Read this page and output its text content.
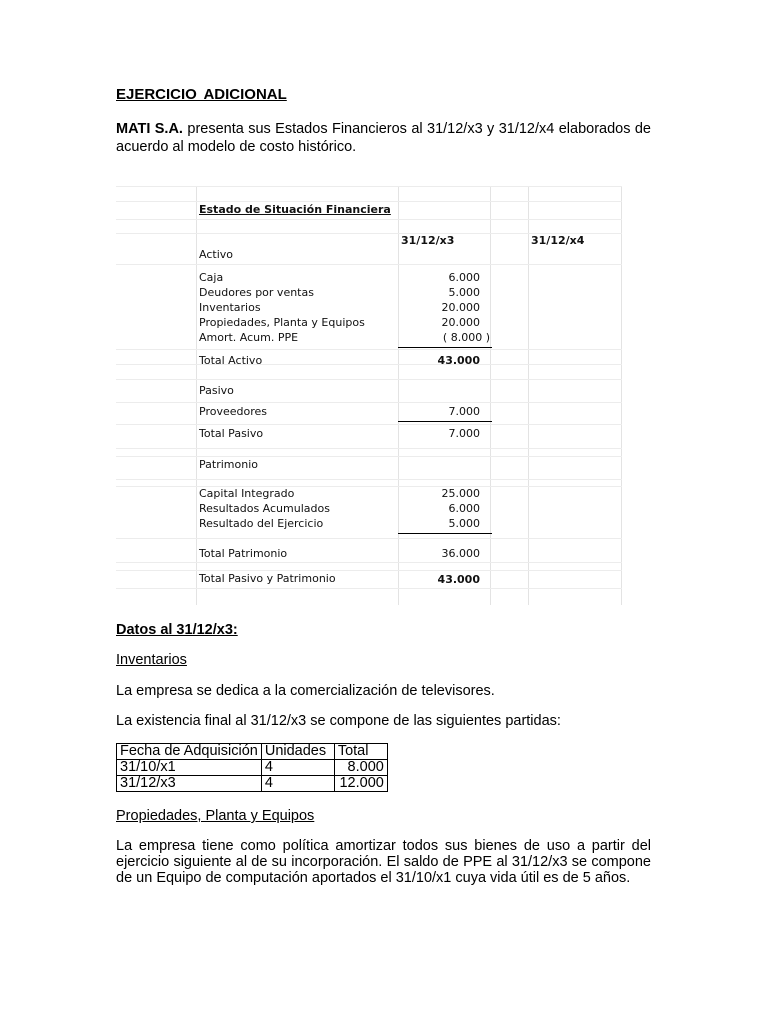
EJERCICIO ADICIONAL
MATI S.A. presenta sus Estados Financieros al 31/12/x3 y 31/12/x4 elaborados de acuerdo al modelo de costo histórico.
Estado de Situación Financiera
31/12/x3	31/12/x4
Activo
Caja	6.000
Deudores por ventas	5.000
Inventarios	20.000
Propiedades, Planta y Equipos	20.000
Amort. Acum. PPE	( 8.000 )
Total Activo	43.000
Pasivo
Proveedores	7.000
Total Pasivo	7.000
Patrimonio
Capital Integrado	25.000
Resultados Acumulados	6.000
Resultado del Ejercicio	5.000
Total Patrimonio	36.000
Total Pasivo y Patrimonio	43.000
Datos al 31/12/x3:
Inventarios
La empresa se dedica a la comercialización de televisores.
La existencia final al 31/12/x3 se compone de las siguientes partidas:
Fecha de Adquisición	Unidades	Total
31/10/x1	4	8.000
31/12/x3	4	12.000
Propiedades, Planta y Equipos
La empresa tiene como política amortizar todos sus bienes de uso a partir del ejercicio siguiente al de su incorporación. El saldo de PPE al 31/12/x3 se compone de un Equipo de computación aportados el 31/10/x1 cuya vida útil es de 5 años.
